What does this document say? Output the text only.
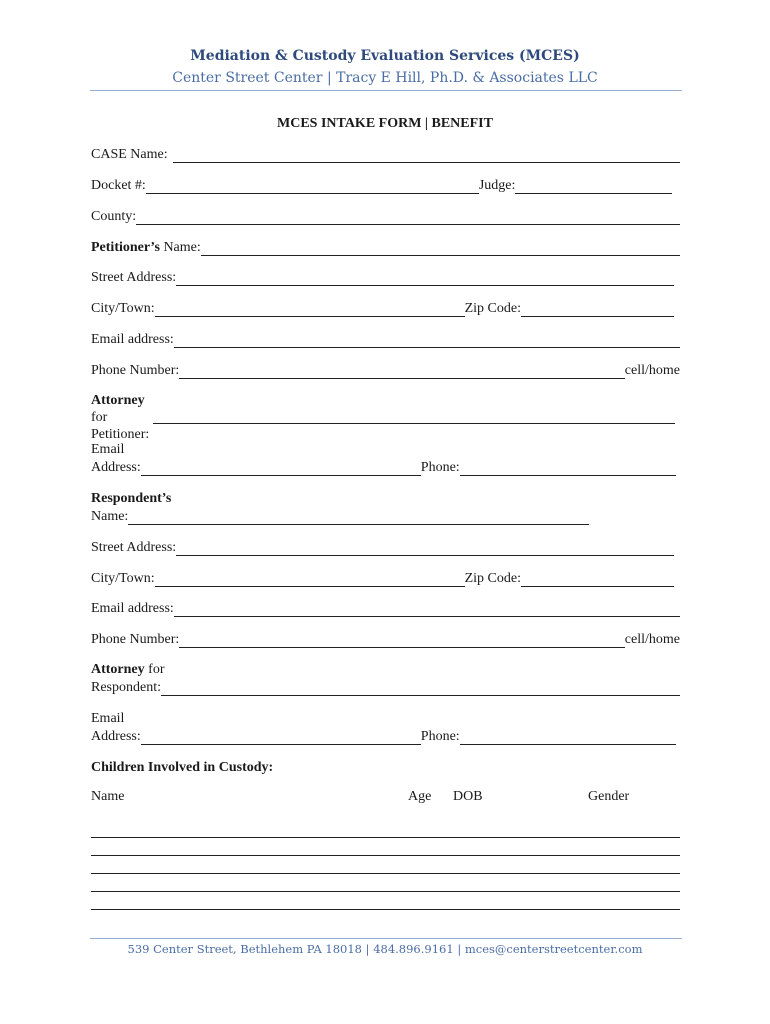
Mediation & Custody Evaluation Services (MCES)
Center Street Center | Tracy E Hill, Ph.D. & Associates LLC
MCES INTAKE FORM | BENEFIT
CASE Name:
Docket #:	Judge:
County:
Petitioner’s Name:
Street Address:
City/Town:	Zip Code:
Email address:
Phone Number:	cell/home
Attorney for
Petitioner:
Email
Address:	Phone:
Respondent’s
Name:
Street Address:
City/Town:	Zip Code:
Email address:
Phone Number:	cell/home
Attorney for
Respondent:
Email
Address:	Phone:
Children Involved in Custody:
Name	Age DOB	Gender
539 Center Street, Bethlehem PA 18018 | 484.896.9161 | mces@centerstreetcenter.com
